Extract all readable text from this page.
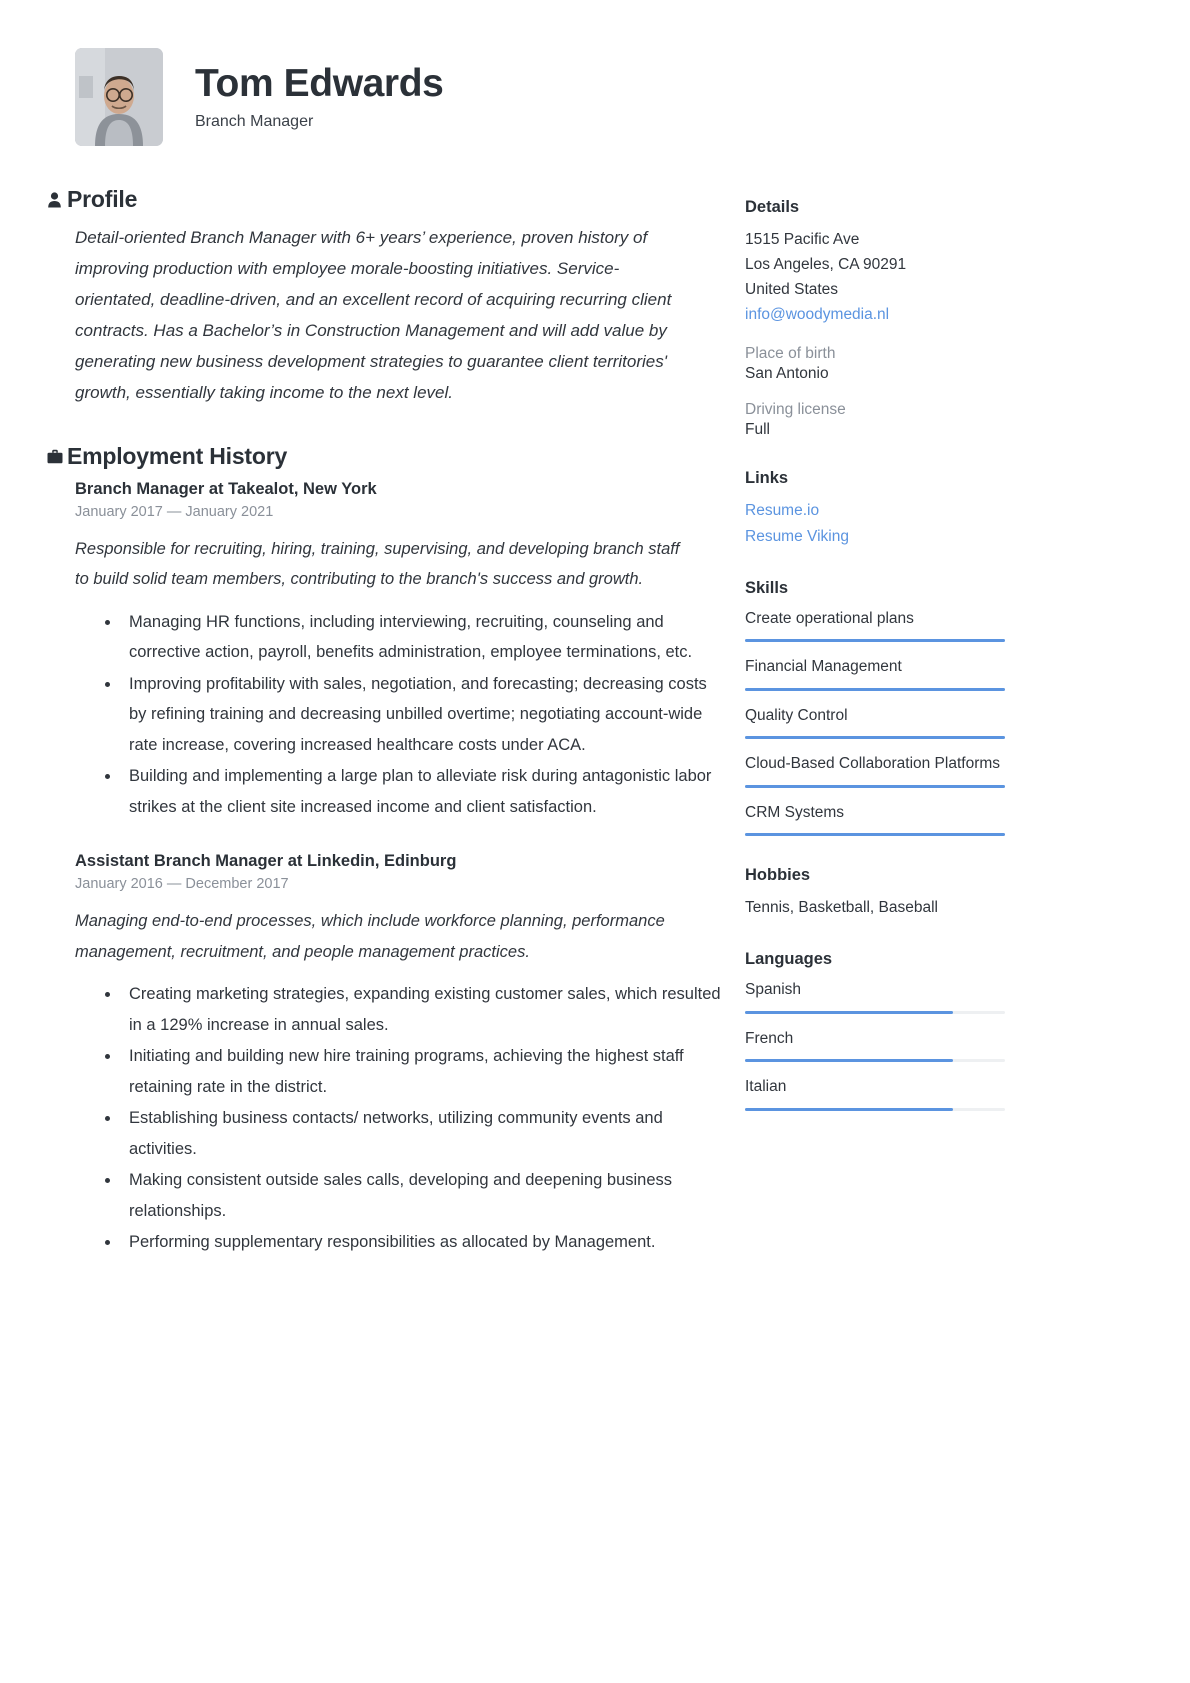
Tom Edwards
Branch Manager
Profile
Detail-oriented Branch Manager with 6+ years’ experience, proven history of improving production with employee morale-boosting initiatives. Service- orientated, deadline-driven, and an excellent record of acquiring recurring client contracts. Has a Bachelor’s in Construction Management and will add value by generating new business development strategies to guarantee client territories' growth, essentially taking income to the next level.
Employment History
Branch Manager at Takealot, New York
January 2017 — January 2021
Responsible for recruiting, hiring, training, supervising, and developing branch staff to build solid team members, contributing to the branch's success and growth.
• Managing HR functions, including interviewing, recruiting, counseling and corrective action, payroll, benefits administration, employee terminations, etc.
• Improving profitability with sales, negotiation, and forecasting; decreasing costs by refining training and decreasing unbilled overtime; negotiating account-wide rate increase, covering increased healthcare costs under ACA.
• Building and implementing a large plan to alleviate risk during antagonistic labor strikes at the client site increased income and client satisfaction.
Assistant Branch Manager at Linkedin, Edinburg
January 2016 — December 2017
Managing end-to-end processes, which include workforce planning, performance management, recruitment, and people management practices.
• Creating marketing strategies, expanding existing customer sales, which resulted in a 129% increase in annual sales.
• Initiating and building new hire training programs, achieving the highest staff retaining rate in the district.
• Establishing business contacts/ networks, utilizing community events and activities.
• Making consistent outside sales calls, developing and deepening business relationships.
• Performing supplementary responsibilities as allocated by Management.
Details
1515 Pacific Ave
Los Angeles, CA 90291
United States
info@woodymedia.nl
Place of birth
San Antonio
Driving license
Full
Links
Resume.io
Resume Viking
Skills
Create operational plans
Financial Management
Quality Control
Cloud-Based Collaboration Platforms
CRM Systems
Hobbies
Tennis, Basketball, Baseball
Languages
Spanish
French
Italian
